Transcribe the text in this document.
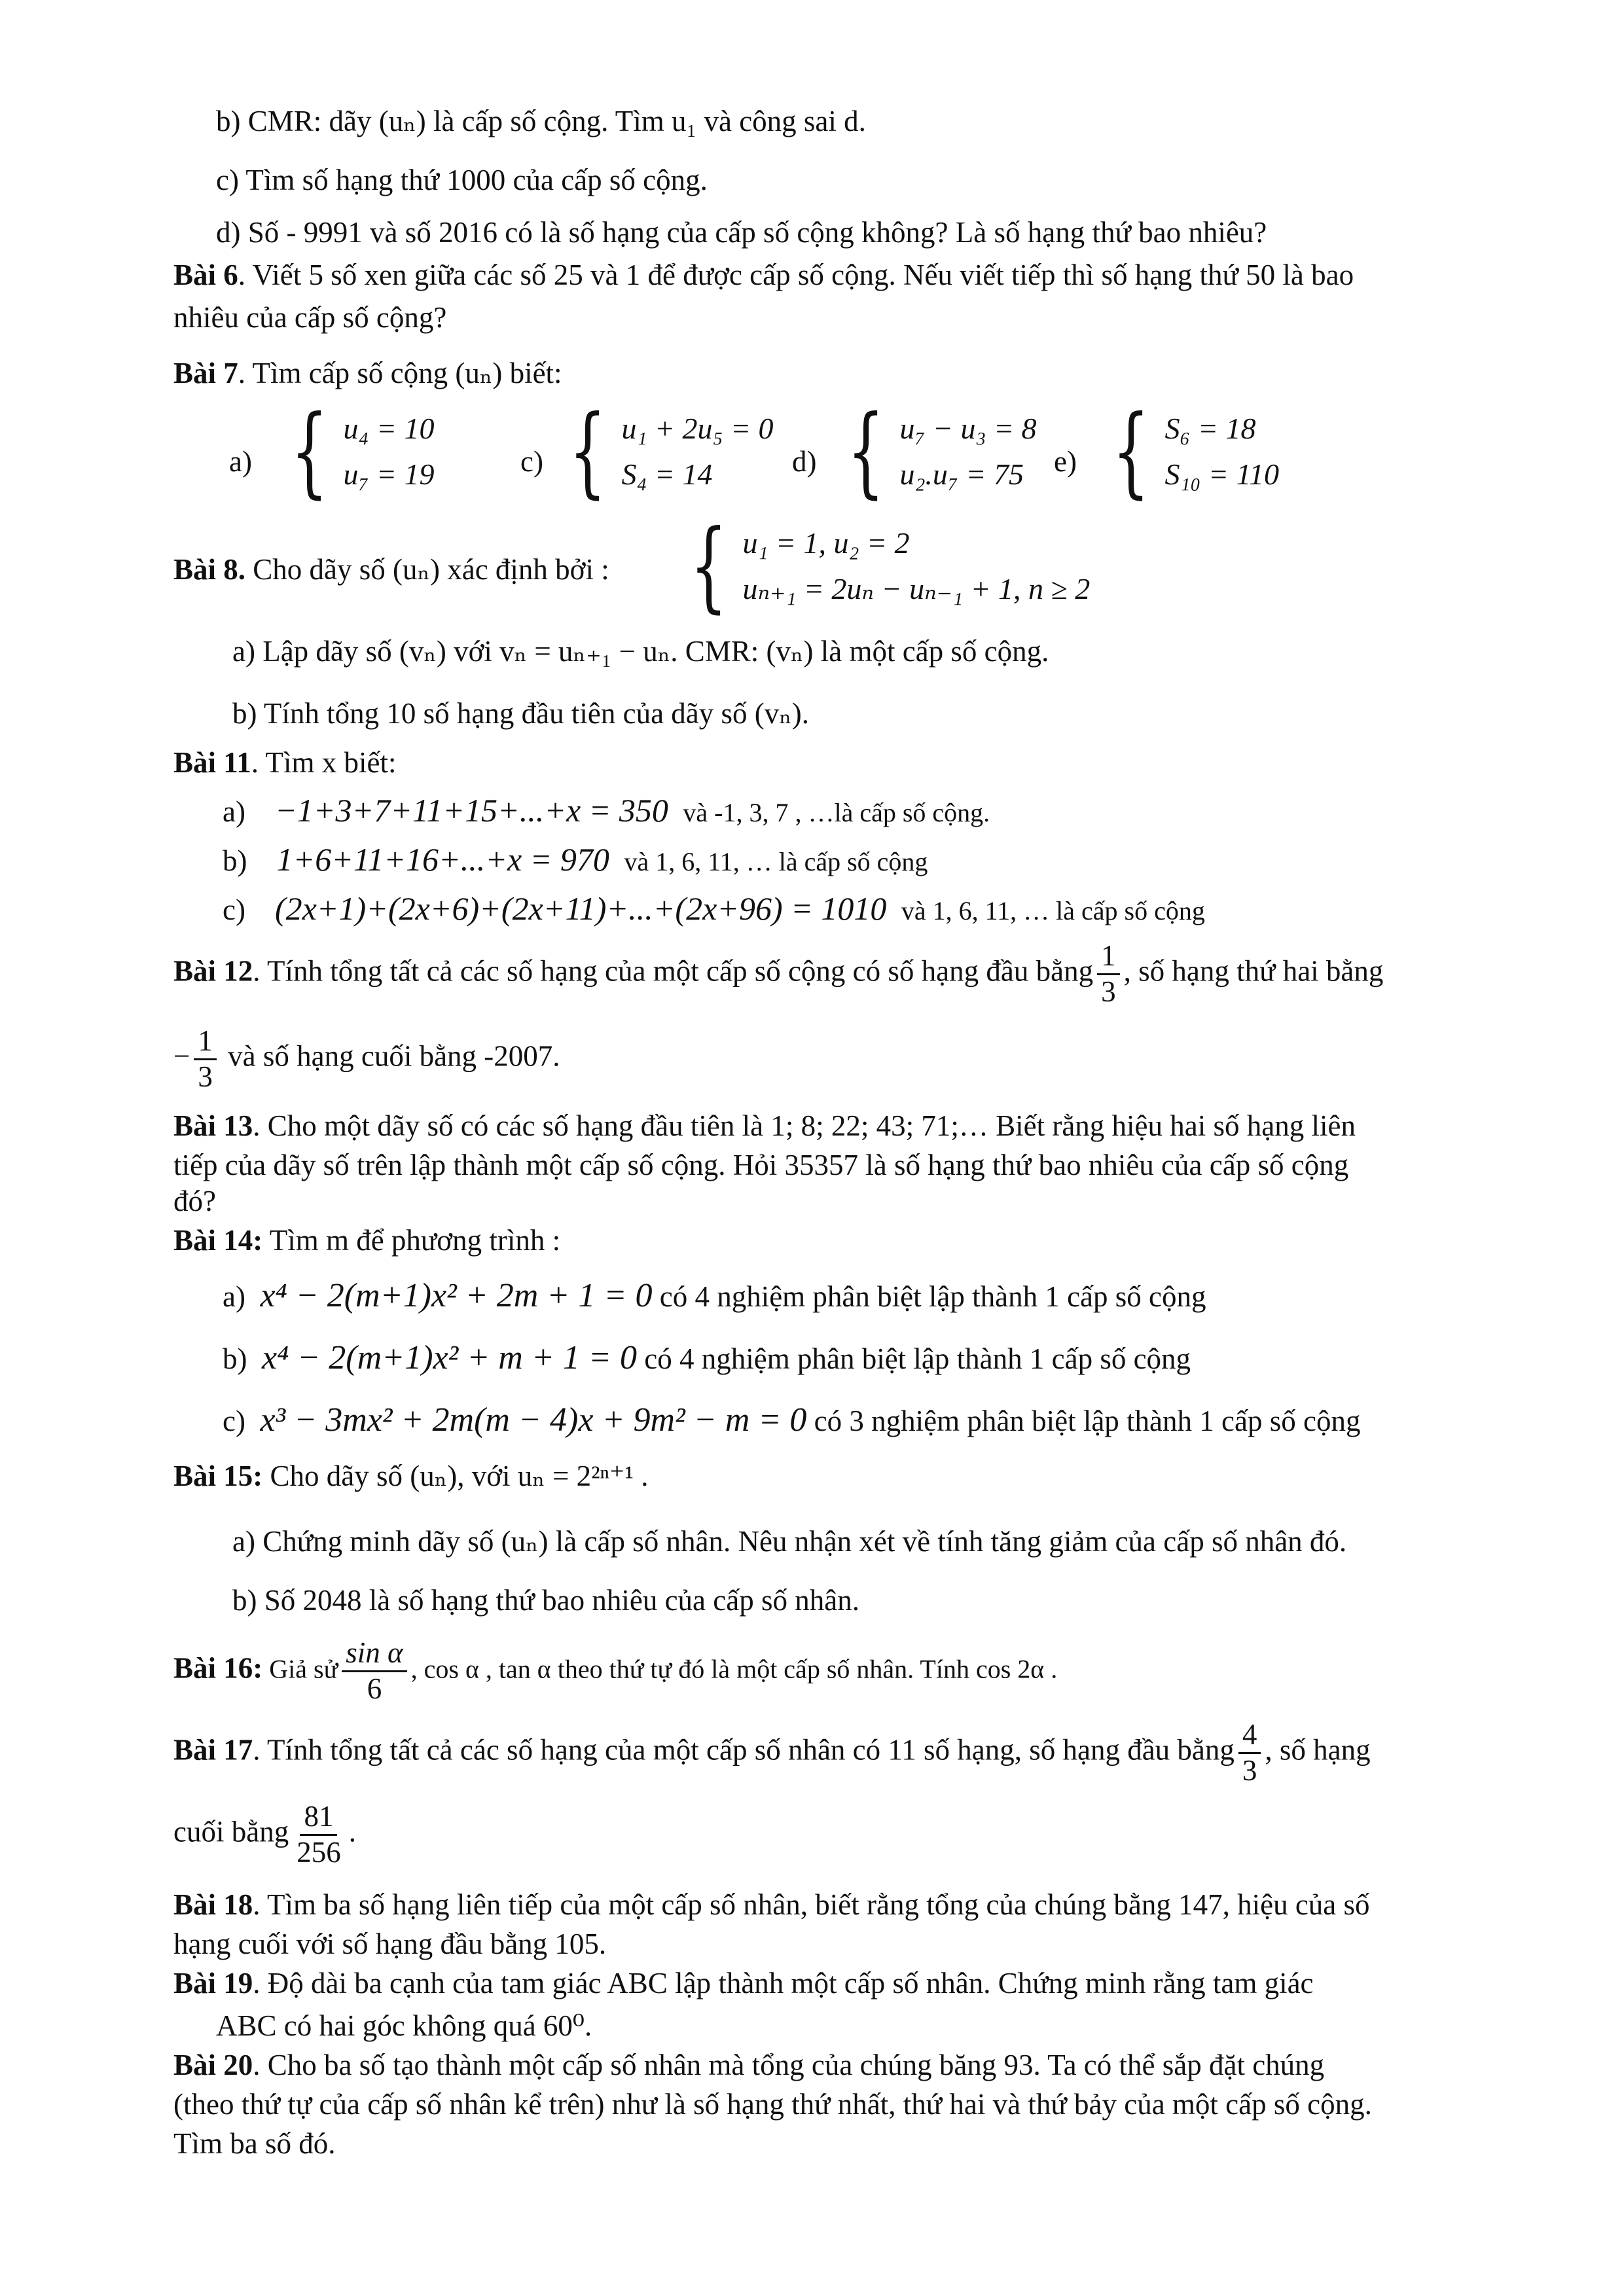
b) CMR: dãy (uₙ) là cấp số cộng. Tìm u₁ và công sai d.
c) Tìm số hạng thứ 1000 của cấp số cộng.
d) Số - 9991 và số 2016 có là số hạng của cấp số cộng không? Là số hạng thứ bao nhiêu?
Bài 6. Viết 5 số xen giữa các số 25 và 1 để được cấp số cộng. Nếu viết tiếp thì số hạng thứ 50 là bao
nhiêu của cấp số cộng?
Bài 7. Tìm cấp số cộng (uₙ) biết:
a) { u₄ = 10
u₇ = 19	c) { u₁ + 2u₅ = 0
S₄ = 14	d) { u₇ − u₃ = 8
u₂.u₇ = 75	e) { S₆ = 18
S₁₀ = 110
Bài 8. Cho dãy số (uₙ) xác định bởi : { u₁ = 1, u₂ = 2
uₙ₊₁ = 2uₙ − uₙ₋₁ + 1, n ≥ 2
a) Lập dãy số (vₙ) với vₙ = uₙ₊₁ − uₙ. CMR: (vₙ) là một cấp số cộng.
b) Tính tổng 10 số hạng đầu tiên của dãy số (vₙ).
Bài 11. Tìm x biết:
a) −1+3+7+11+15+...+x = 350 và -1, 3, 7 , …là cấp số cộng.
b) 1+6+11+16+...+x = 970 và 1, 6, 11, … là cấp số cộng
c) (2x+1)+(2x+6)+(2x+11)+...+(2x+96) = 1010 và 1, 6, 11, … là cấp số cộng
Bài 12. Tính tổng tất cả các số hạng của một cấp số cộng có số hạng đầu bằng $\frac{1}{3}$ , số hạng thứ hai bằng
− $\frac{1}{3}$ và số hạng cuối bằng -2007.
Bài 13. Cho một dãy số có các số hạng đầu tiên là 1; 8; 22; 43; 71;… Biết rằng hiệu hai số hạng liên
tiếp của dãy số trên lập thành một cấp số cộng. Hỏi 35357 là số hạng thứ bao nhiêu của cấp số cộng
đó?
Bài 14: Tìm m để phương trình :
a) x⁴ − 2(m+1)x² + 2m + 1 = 0 có 4 nghiệm phân biệt lập thành 1 cấp số cộng
b) x⁴ − 2(m+1)x² + m + 1 = 0 có 4 nghiệm phân biệt lập thành 1 cấp số cộng
c) x³ − 3mx² + 2m(m − 4)x + 9m² − m = 0 có 3 nghiệm phân biệt lập thành 1 cấp số cộng
Bài 15: Cho dãy số (uₙ), với uₙ = 2²ⁿ⁺¹ .
a) Chứng minh dãy số (uₙ) là cấp số nhân. Nêu nhận xét về tính tăng giảm của cấp số nhân đó.
b) Số 2048 là số hạng thứ bao nhiêu của cấp số nhân.
Bài 16: Giả sử $\frac{\text{sin α}}{6}$ , cos α , tan α theo thứ tự đó là một cấp số nhân. Tính cos 2α .
Bài 17. Tính tổng tất cả các số hạng của một cấp số nhân có 11 số hạng, số hạng đầu bằng $\frac{4}{3}$ , số hạng
cuối bằng $\frac{81}{256}$ .
Bài 18. Tìm ba số hạng liên tiếp của một cấp số nhân, biết rằng tổng của chúng bằng 147, hiệu của số
hạng cuối với số hạng đầu bằng 105.
Bài 19. Độ dài ba cạnh của tam giác ABC lập thành một cấp số nhân. Chứng minh rằng tam giác
ABC có hai góc không quá 60⁰.
Bài 20. Cho ba số tạo thành một cấp số nhân mà tổng của chúng băng 93. Ta có thể sắp đặt chúng
(theo thứ tự của cấp số nhân kể trên) như là số hạng thứ nhất, thứ hai và thứ bảy của một cấp số cộng.
Tìm ba số đó.
